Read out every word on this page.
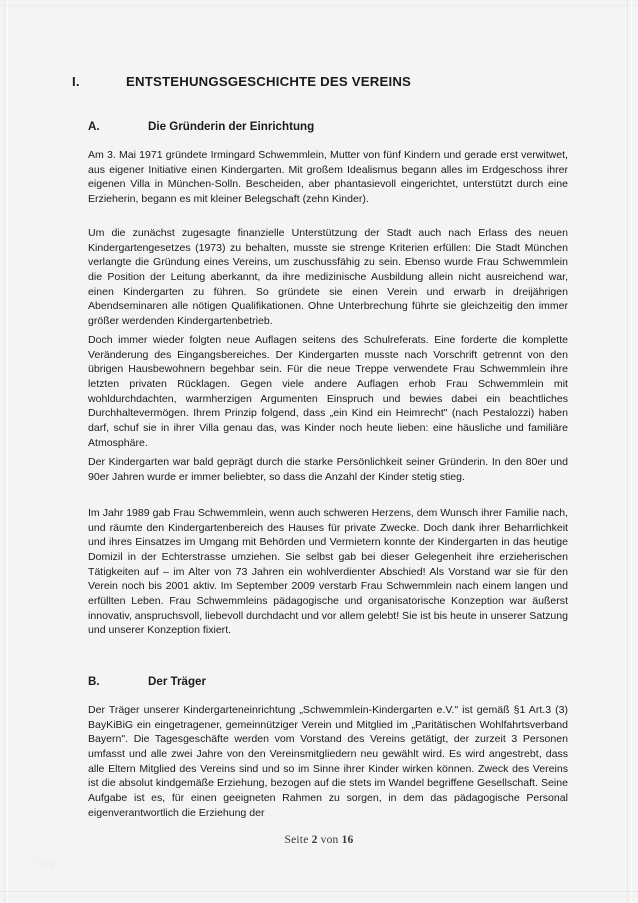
I.	ENTSTEHUNGSGESCHICHTE DES VEREINS
A.	Die Gründerin der Einrichtung

Am 3. Mai 1971 gründete Irmingard Schwemmlein, Mutter von fünf Kindern und gerade erst verwitwet, aus eigener Initiative einen Kindergarten. Mit großem Idealismus begann alles im Erdgeschoss ihrer eigenen Villa in München-Solln. Bescheiden, aber phantasievoll eingerichtet, unterstützt durch eine Erzieherin, begann es mit kleiner Belegschaft (zehn Kinder).

Um die zunächst zugesagte finanzielle Unterstützung der Stadt auch nach Erlass des neuen Kindergartengesetzes (1973) zu behalten, musste sie strenge Kriterien erfüllen: Die Stadt München verlangte die Gründung eines Vereins, um zuschussfähig zu sein. Ebenso wurde Frau Schwemmlein die Position der Leitung aberkannt, da ihre medizinische Ausbildung allein nicht ausreichend war, einen Kindergarten zu führen. So gründete sie einen Verein und erwarb in dreijährigen Abendseminaren alle nötigen Qualifikationen. Ohne Unterbrechung führte sie gleichzeitig den immer größer werdenden Kindergartenbetrieb.

Doch immer wieder folgten neue Auflagen seitens des Schulreferats. Eine forderte die komplette Veränderung des Eingangsbereiches. Der Kindergarten musste nach Vorschrift getrennt von den übrigen Hausbewohnern begehbar sein. Für die neue Treppe verwendete Frau Schwemmlein ihre letzten privaten Rücklagen. Gegen viele andere Auflagen erhob Frau Schwemmlein mit wohldurchdachten, warmherzigen Argumenten Einspruch und bewies dabei ein beachtliches Durchhaltevermögen. Ihrem Prinzip folgend, dass „ein Kind ein Heimrecht" (nach Pestalozzi) haben darf, schuf sie in ihrer Villa genau das, was Kinder noch heute lieben: eine häusliche und familiäre Atmosphäre.

Der Kindergarten war bald geprägt durch die starke Persönlichkeit seiner Gründerin. In den 80er und 90er Jahren wurde er immer beliebter, so dass die Anzahl der Kinder stetig stieg.

Im Jahr 1989 gab Frau Schwemmlein, wenn auch schweren Herzens, dem Wunsch ihrer Familie nach, und räumte den Kindergartenbereich des Hauses für private Zwecke. Doch dank ihrer Beharrlichkeit und ihres Einsatzes im Umgang mit Behörden und Vermietern konnte der Kindergarten in das heutige Domizil in der Echterstrasse umziehen. Sie selbst gab bei dieser Gelegenheit ihre erzieherischen Tätigkeiten auf – im Alter von 73 Jahren ein wohlverdienter Abschied! Als Vorstand war sie für den Verein noch bis 2001 aktiv. Im September 2009 verstarb Frau Schwemmlein nach einem langen und erfüllten Leben. Frau Schwemmleins pädagogische und organisatorische Konzeption war äußerst innovativ, anspruchsvoll, liebevoll durchdacht und vor allem gelebt! Sie ist bis heute in unserer Satzung und unserer Konzeption fixiert.

B.	Der Träger

Der Träger unserer Kindergarteneinrichtung „Schwemmlein-Kindergarten e.V." ist gemäß §1 Art.3 (3) BayKiBiG ein eingetragener, gemeinnütziger Verein und Mitglied im „Paritätischen Wohlfahrtsverband Bayern". Die Tagesgeschäfte werden vom Vorstand des Vereins getätigt, der zurzeit 3 Personen umfasst und alle zwei Jahre von den Vereinsmitgliedern neu gewählt wird. Es wird angestrebt, dass alle Eltern Mitglied des Vereins sind und so im Sinne ihrer Kinder wirken können. Zweck des Vereins ist die absolut kindgemäße Erziehung, bezogen auf die stets im Wandel begriffene Gesellschaft. Seine Aufgabe ist es, für einen geeigneten Rahmen zu sorgen, in dem das pädagogische Personal eigenverantwortlich die Erziehung der

Seite 2 von 16
blog
